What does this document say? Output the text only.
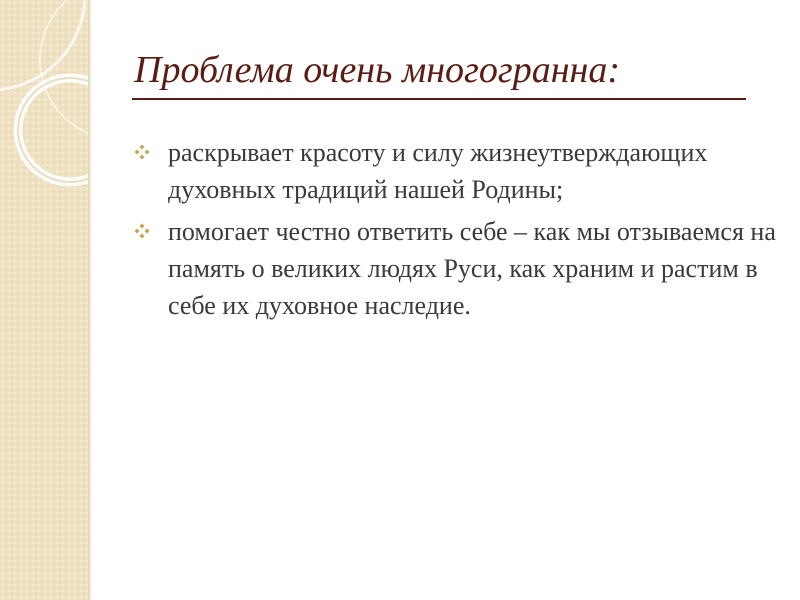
Проблема очень многогранна:
раскрывает красоту и силу жизнеутверждающих духовных традиций нашей Родины;
помогает честно ответить себе – как мы отзываемся на память о великих людях Руси, как храним и растим в себе их духовное наследие.
